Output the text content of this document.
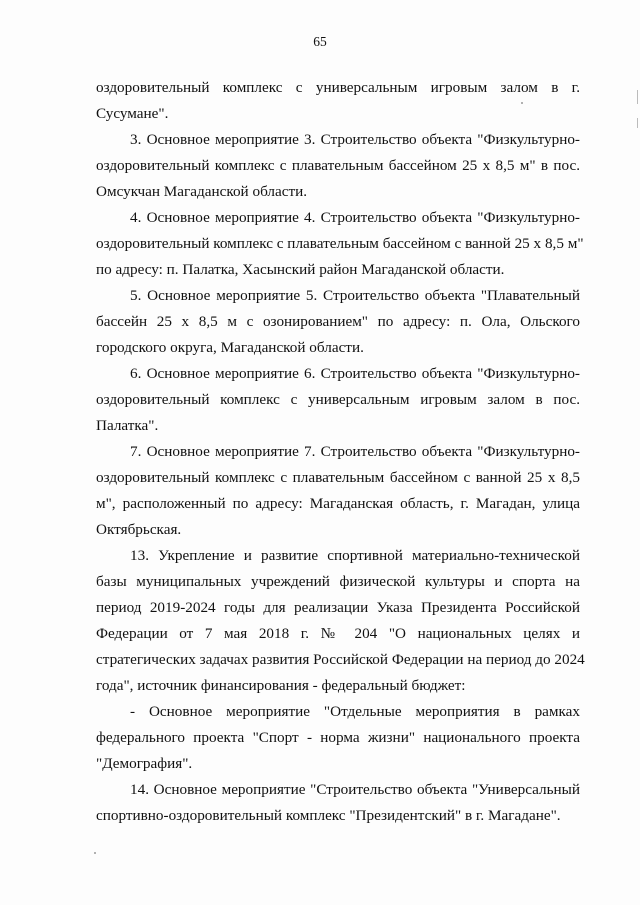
65
оздоровительный комплекс с универсальным игровым залом в г.
Сусумане".
3. Основное мероприятие 3. Строительство объекта "Физкультурно-
оздоровительный комплекс с плавательным бассейном 25 х 8,5 м" в пос.
Омсукчан Магаданской области.
4. Основное мероприятие 4. Строительство объекта "Физкультурно-
оздоровительный комплекс с плавательным бассейном с ванной 25 х 8,5 м"
по адресу: п. Палатка, Хасынский район Магаданской области.
5. Основное мероприятие 5. Строительство объекта "Плавательный
бассейн 25 х 8,5 м с озонированием" по адресу: п. Ола, Ольского
городского округа, Магаданской области.
6. Основное мероприятие 6. Строительство объекта "Физкультурно-
оздоровительный комплекс с универсальным игровым залом в пос.
Палатка".
7. Основное мероприятие 7. Строительство объекта "Физкультурно-
оздоровительный комплекс с плавательным бассейном с ванной 25 х 8,5
м", расположенный по адресу: Магаданская область, г. Магадан, улица
Октябрьская.
13. Укрепление и развитие спортивной материально-технической
базы муниципальных учреждений физической культуры и спорта на
период 2019-2024 годы для реализации Указа Президента Российской
Федерации от 7 мая 2018 г. № 204 "О национальных целях и
стратегических задачах развития Российской Федерации на период до 2024
года", источник финансирования - федеральный бюджет:
- Основное мероприятие "Отдельные мероприятия в рамках
федерального проекта "Спорт - норма жизни" национального проекта
"Демография".
14. Основное мероприятие "Строительство объекта "Универсальный
спортивно-оздоровительный комплекс "Президентский" в г. Магадане".
